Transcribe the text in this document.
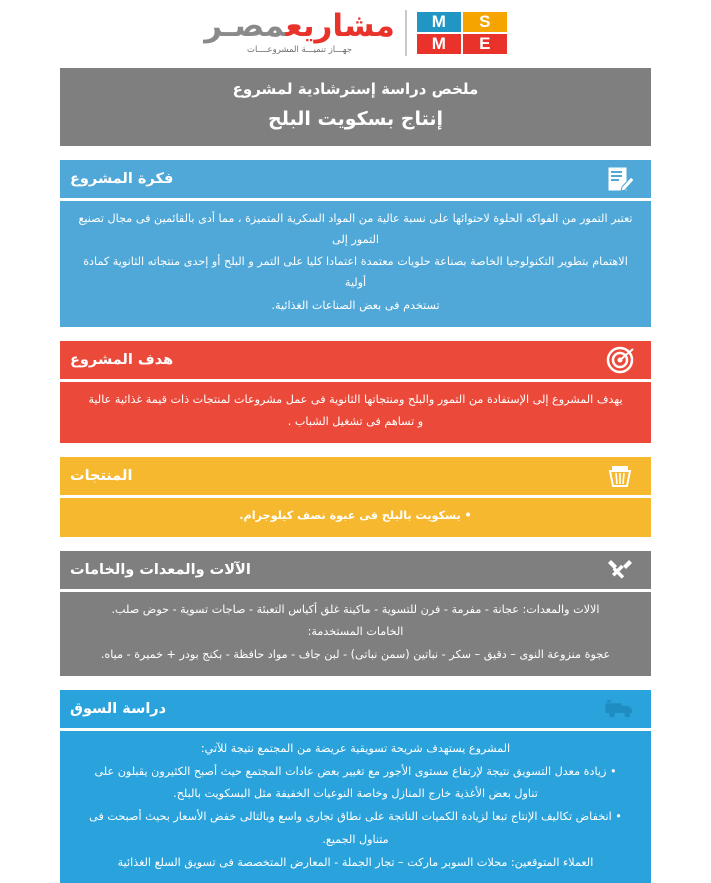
مشاريعمصـر
جهـــاز تنميـــة المشروعــــات
M	S
M	E
ملخص دراسة إسترشادية لمشروع
إنتاج بسكويت البلح
فكرة المشروع

تعتبر التمور من الفواكه الحلوة لاحتوائها على نسبة عالية من المواد السكرية المتميزة ، مما أدى بالقائمين فى مجال تصنيع التمور إلى

الاهتمام بتطوير التكنولوجيا الخاصة بصناعة حلويات معتمدة اعتمادا كليا على التمر و البلح أو إحدى منتجاته الثانوية كمادة أولية

تستخدم فى بعض الصناعات الغذائية.

هدف المشروع

يهدف المشروع إلى الإستفادة من التمور والبلح ومنتجاتها الثانوية فى عمل مشروعات لمنتجات ذات قيمة غذائية عالية

و تساهم فى تشغيل الشباب .

المنتجات

• بسكويت بالبلح فى عبوة نصف كيلوجرام.

الآلات والمعدات والخامات

الالات والمعدات: عجانة - مفرمة - فرن للتسوية - ماكينة غلق أكياس التعبئة - صاجات تسوية - حوض صلب.

الخامات المستخدمة:

عجوة منزوعة النوى – دقيق – سكر - نباتين (سمن نباتى) - لبن جاف - مواد حافظة - بكنج بودر + خميرة - مياه.

دراسة السوق

المشروع يستهدف شريحة تسويقية عريضة من المجتمع نتيجة للآتي:

• زيادة معدل التسويق نتيجة لإرتفاع مستوى الأجور مع تغيير بعض عادات المجتمع حيث أصبح الكثيرون يقبلون على

تناول بعض الأغذية خارج المنازل وخاصة النوعيات الخفيفة مثل البسكويت بالبلح.

• انخفاض تكاليف الإنتاج تبعا لزيادة الكميات الناتجة على نطاق تجارى واسع وبالتالى خفض الأسعار بحيث أصبحت فى

متناول الجميع.

العملاء المتوقعين: محلات السوبر ماركت – تجار الجملة - المعارض المتخصصة فى تسويق السلع الغذائية
